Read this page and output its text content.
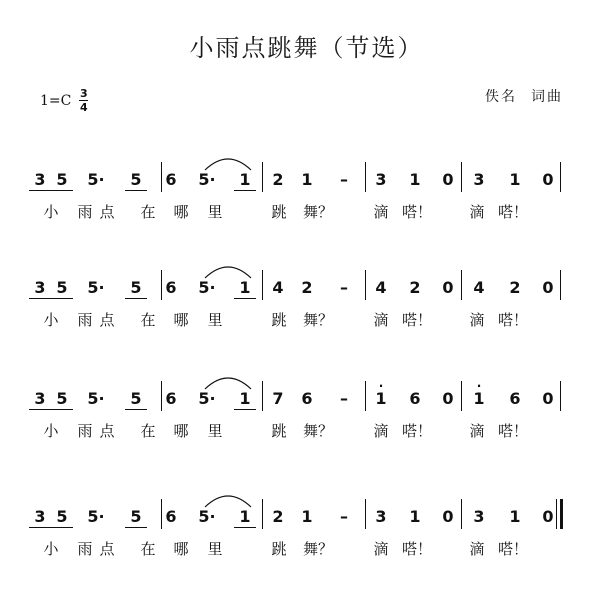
小雨点跳舞（节选）
$1=C \frac{3}{4}$	佚名 词曲
3 5	5·	5	6	5·	1	2	1	–	3	1	0	3	1	0
小 雨 点 在 哪 里	跳 舞？	滴 嗒！	滴 嗒！
3 5	5·	5	6	5·	1	4	2	–	4	2	0	4	2	0
小 雨 点 在 哪 里	跳 舞？	滴 嗒！	滴 嗒！
3 5	5·	5	6	5·	1	7	6	–	1
·
6	0	1
·
6	0
小 雨 点 在 哪 里	跳 舞？	滴 嗒！	滴 嗒！
3 5	5·	5	6	5·	1	2	1	–	3	1	0	3	1	0
小 雨 点 在 哪 里	跳 舞？	滴 嗒！	滴 嗒！
